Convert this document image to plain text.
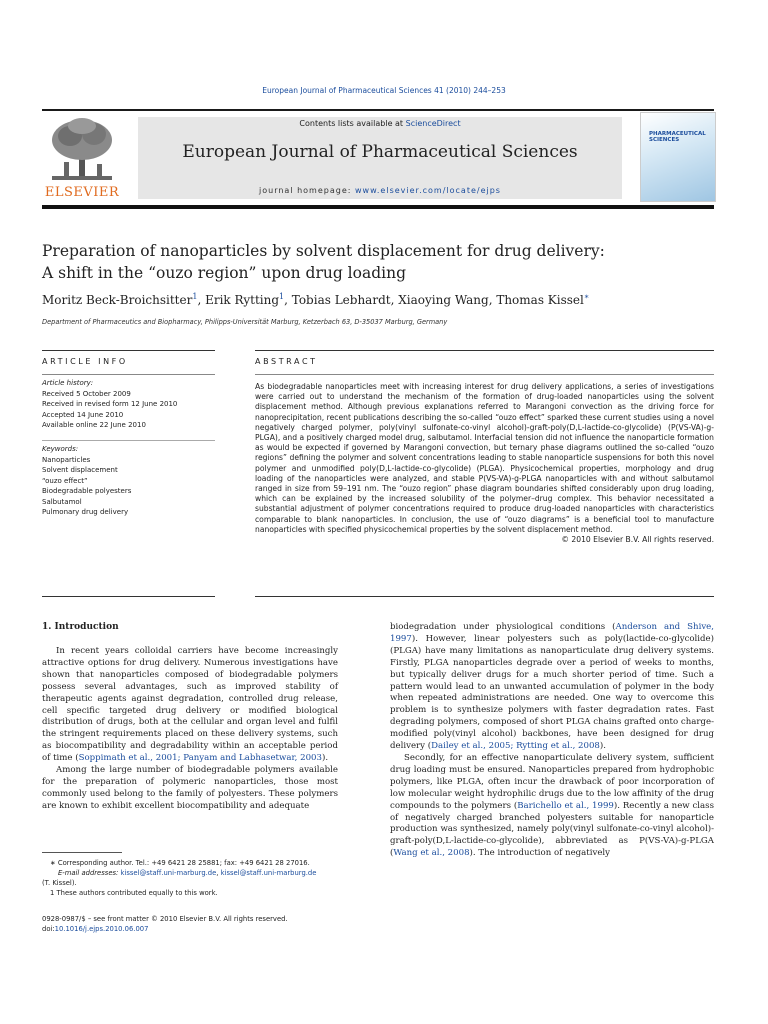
European Journal of Pharmaceutical Sciences 41 (2010) 244–253
ELSEVIER
Contents lists available at ScienceDirect
European Journal of Pharmaceutical Sciences
journal homepage: www.elsevier.com/locate/ejps
PHARMACEUTICAL SCIENCES
Preparation of nanoparticles by solvent displacement for drug delivery:
A shift in the “ouzo region” upon drug loading
Moritz Beck-Broichsitter$^1$, Erik Rytting$^1$, Tobias Lebhardt, Xiaoying Wang, Thomas Kissel∗
Department of Pharmaceutics and Biopharmacy, Philipps-Universität Marburg, Ketzerbach 63, D-35037 Marburg, Germany
ARTICLE INFO	ABSTRACT
Article history:
Received 5 October 2009
Received in revised form 12 June 2010
Accepted 14 June 2010
Available online 22 June 2010
Keywords:
Nanoparticles
Solvent displacement
“ouzo effect”
Biodegradable polyesters
Salbutamol
Pulmonary drug delivery
As biodegradable nanoparticles meet with increasing interest for drug delivery applications, a series of investigations were carried out to understand the mechanism of the formation of drug-loaded nanoparticles using the solvent displacement method. Although previous explanations referred to Marangoni convection as the driving force for nanoprecipitation, recent publications describing the so-called “ouzo effect” sparked these current studies using a novel negatively charged polymer, poly(vinyl sulfonate-co-vinyl alcohol)-graft-poly(D,L-lactide-co-glycolide) (P(VS-VA)-g-PLGA), and a positively charged model drug, salbutamol. Interfacial tension did not influence the nanoparticle formation as would be expected if governed by Marangoni convection, but ternary phase diagrams outlined the so-called “ouzo regions” defining the polymer and solvent concentrations leading to stable nanoparticle suspensions for both this novel polymer and unmodified poly(D,L-lactide-co-glycolide) (PLGA). Physicochemical properties, morphology and drug loading of the nanoparticles were analyzed, and stable P(VS-VA)-g-PLGA nanoparticles with and without salbutamol ranged in size from 59–191 nm. The “ouzo region” phase diagram boundaries shifted considerably upon drug loading, which can be explained by the increased solubility of the polymer–drug complex. This behavior necessitated a substantial adjustment of polymer concentrations required to produce drug-loaded nanoparticles with characteristics comparable to blank nanoparticles. In conclusion, the use of “ouzo diagrams” is a beneficial tool to manufacture nanoparticles with specified physicochemical properties by the solvent displacement method.
© 2010 Elsevier B.V. All rights reserved.
1. Introduction

In recent years colloidal carriers have become increasingly attractive options for drug delivery. Numerous investigations have shown that nanoparticles composed of biodegradable polymers possess several advantages, such as improved stability of therapeutic agents against degradation, controlled drug release, cell specific targeted drug delivery or modified biological distribution of drugs, both at the cellular and organ level and fulfil the stringent requirements placed on these delivery systems, such as biocompatibility and degradability within an acceptable period of time (Soppimath et al., 2001; Panyam and Labhasetwar, 2003).

Among the large number of biodegradable polymers available for the preparation of polymeric nanoparticles, those most commonly used belong to the family of polyesters. These polymers are known to exhibit excellent biocompatibility and adequate

biodegradation under physiological conditions (Anderson and Shive, 1997). However, linear polyesters such as poly(lactide-co-glycolide) (PLGA) have many limitations as nanoparticulate drug delivery systems. Firstly, PLGA nanoparticles degrade over a period of weeks to months, but typically deliver drugs for a much shorter period of time. Such a pattern would lead to an unwanted accumulation of polymer in the body when repeated administrations are needed. One way to overcome this problem is to synthesize polymers with faster degradation rates. Fast degrading polymers, composed of short PLGA chains grafted onto charge-modified poly(vinyl alcohol) backbones, have been designed for drug delivery (Dailey et al., 2005; Rytting et al., 2008).

Secondly, for an effective nanoparticulate delivery system, sufficient drug loading must be ensured. Nanoparticles prepared from hydrophobic polymers, like PLGA, often incur the drawback of poor incorporation of low molecular weight hydrophilic drugs due to the low affinity of the drug compounds to the polymers (Barichello et al., 1999). Recently a new class of negatively charged branched polyesters suitable for nanoparticle production was synthesized, namely poly(vinyl sulfonate-co-vinyl alcohol)-graft-poly(D,L-lactide-co-glycolide), abbreviated as P(VS-VA)-g-PLGA (Wang et al., 2008). The introduction of negatively

∗ Corresponding author. Tel.: +49 6421 28 25881; fax: +49 6421 28 27016.
E-mail addresses: kissel@staff.uni-marburg.de, kissel@staff.uni-marburg.de
(T. Kissel).
1 These authors contributed equally to this work.
0928-0987/$ – see front matter © 2010 Elsevier B.V. All rights reserved.
doi:10.1016/j.ejps.2010.06.007
